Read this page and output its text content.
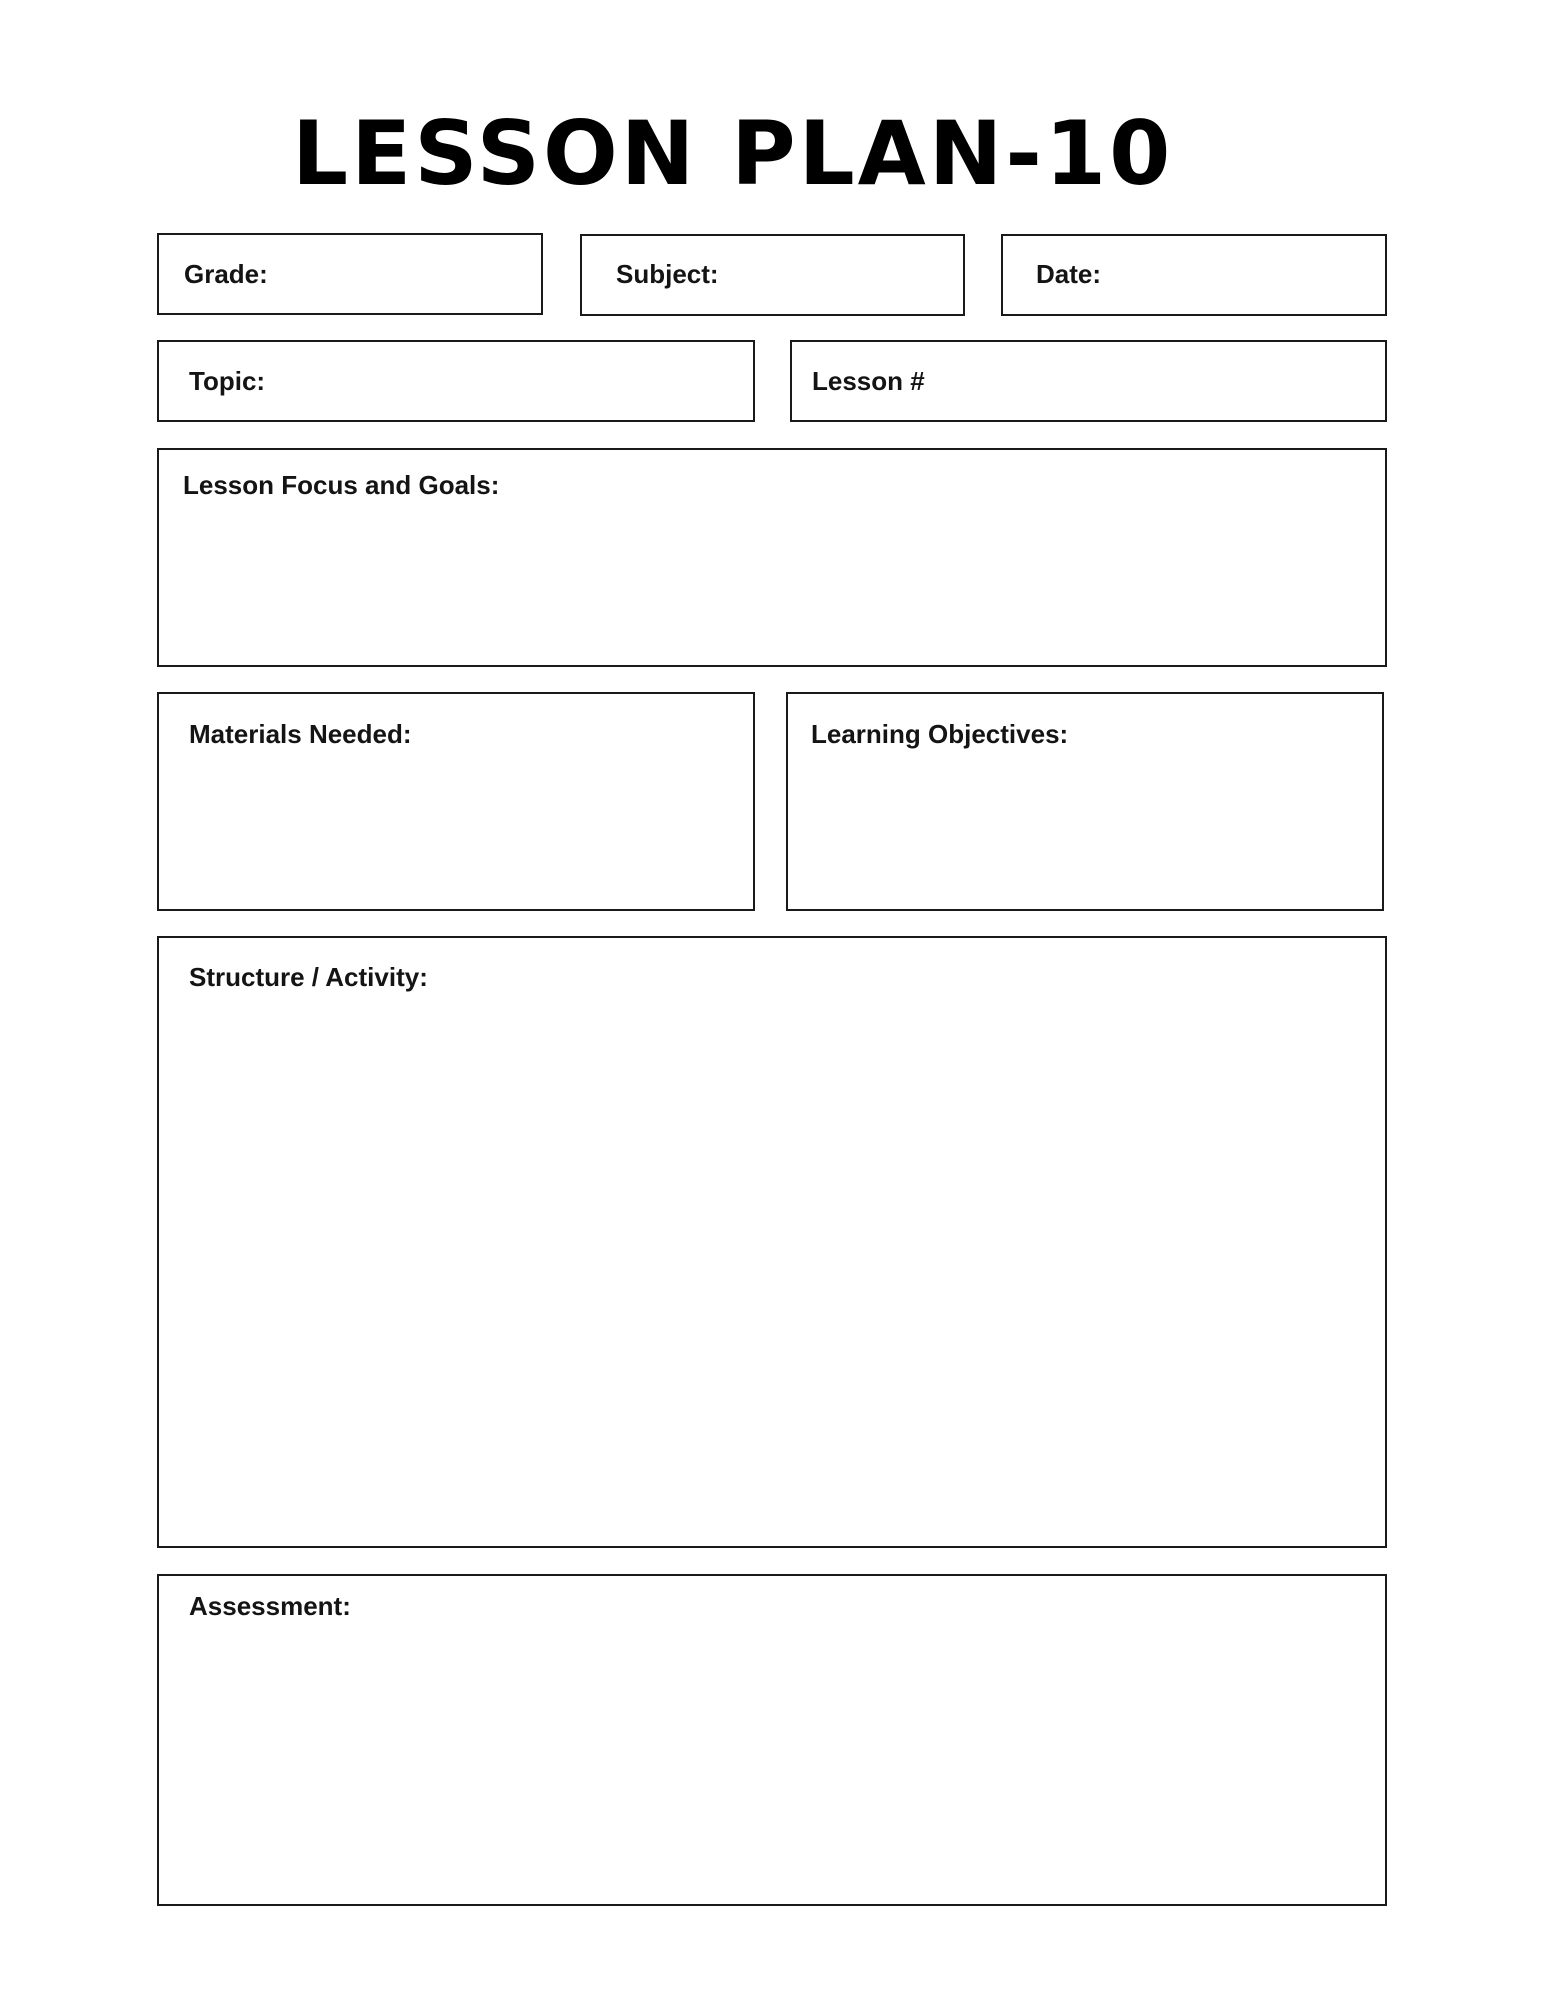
LESSON PLAN-10
Grade:	Subject:	Date:
Topic:	Lesson #
Lesson Focus and Goals:
Materials Needed:	Learning Objectives:
Structure / Activity:
Assessment:
